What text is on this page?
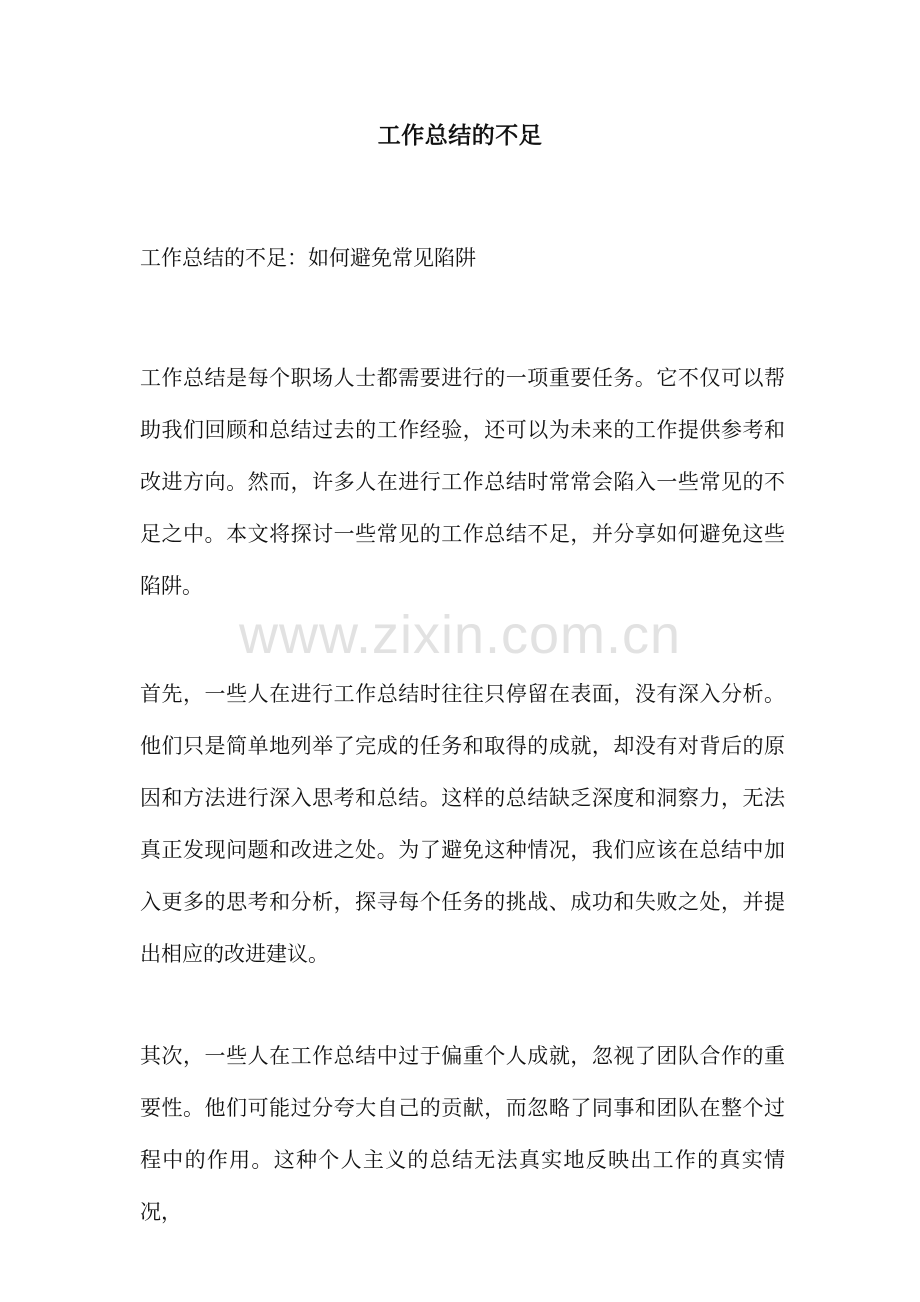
工作总结的不足
工作总结的不足：如何避免常见陷阱

工作总结是每个职场人士都需要进行的一项重要任务。它不仅可以帮助我们回顾和总结过去的工作经验，还可以为未来的工作提供参考和改进方向。然而，许多人在进行工作总结时常常会陷入一些常见的不足之中。本文将探讨一些常见的工作总结不足，并分享如何避免这些陷阱。

www.zixin.com.cn

首先，一些人在进行工作总结时往往只停留在表面，没有深入分析。他们只是简单地列举了完成的任务和取得的成就，却没有对背后的原因和方法进行深入思考和总结。这样的总结缺乏深度和洞察力，无法真正发现问题和改进之处。为了避免这种情况，我们应该在总结中加入更多的思考和分析，探寻每个任务的挑战、成功和失败之处，并提出相应的改进建议。

其次，一些人在工作总结中过于偏重个人成就，忽视了团队合作的重要性。他们可能过分夸大自己的贡献，而忽略了同事和团队在整个过程中的作用。这种个人主义的总结无法真实地反映出工作的真实情况，
